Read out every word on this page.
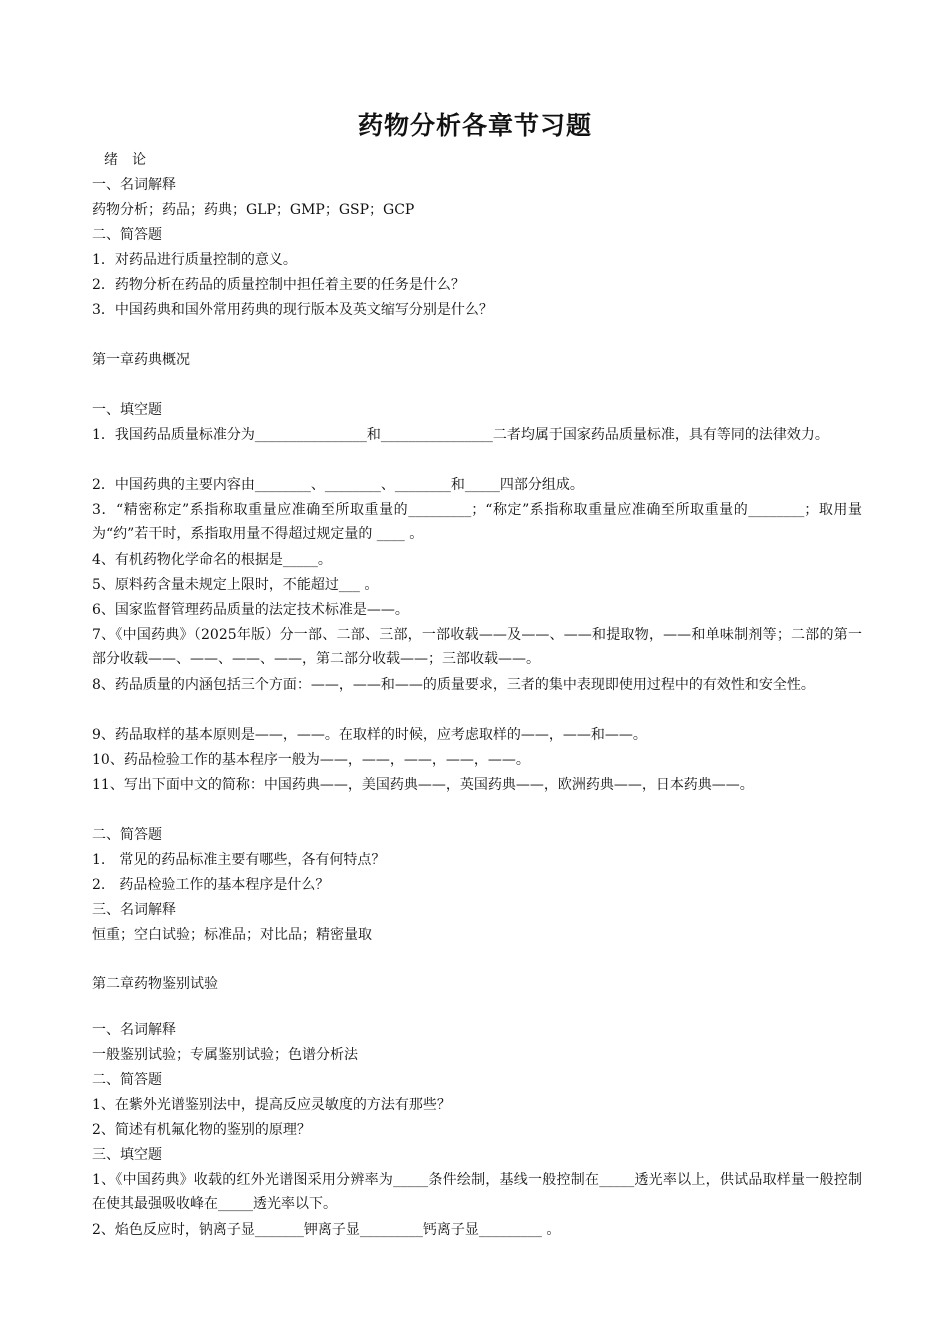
药物分析各章节习题
绪　论
一、名词解释
药物分析；药品；药典；GLP；GMP；GSP；GCP
二、简答题
1．对药品进行质量控制的意义。
2．药物分析在药品的质量控制中担任着主要的任务是什么？
3．中国药典和国外常用药典的现行版本及英文缩写分别是什么？
第一章药典概况
一、填空题
1．我国药品质量标准分为________________和________________二者均属于国家药品质量标准，具有等同的法律效力。
2．中国药典的主要内容由________、________、________和_____四部分组成。
3．“精密称定”系指称取重量应准确至所取重量的_________；“称定”系指称取重量应准确至所取重量的________；取用量为“约”若干时，系指取用量不得超过规定量的 ____ 。
4、有机药物化学命名的根据是_____。
5、原料药含量未规定上限时，不能超过___ 。
6、国家监督管理药品质量的法定技术标准是——。
7、《中国药典》（2025年版）分一部、二部、三部，一部收载——及——、——和提取物，——和单味制剂等；二部的第一部分收载——、——、——、——，第二部分收载——；三部收载——。
8、药品质量的内涵包括三个方面：——，——和——的质量要求，三者的集中表现即使用过程中的有效性和安全性。
9、药品取样的基本原则是——，——。在取样的时候，应考虑取样的——，——和——。
10、药品检验工作的基本程序一般为——，——，——，——，——。
11、写出下面中文的简称：中国药典——，美国药典——，英国药典——，欧洲药典——，日本药典——。
二、简答题
1.　常见的药品标准主要有哪些，各有何特点？
2.　药品检验工作的基本程序是什么？
三、名词解释
恒重；空白试验；标准品；对比品；精密量取
第二章药物鉴别试验
一、名词解释
一般鉴别试验；专属鉴别试验；色谱分析法
二、简答题
1、在紫外光谱鉴别法中，提高反应灵敏度的方法有那些？
2、简述有机氟化物的鉴别的原理？
三、填空题
1、《中国药典》收载的红外光谱图采用分辨率为_____条件绘制，基线一般控制在_____透光率以上，供试品取样量一般控制在使其最强吸收峰在_____透光率以下。
2、焰色反应时，钠离子显_______钾离子显_________钙离子显_________ 。
